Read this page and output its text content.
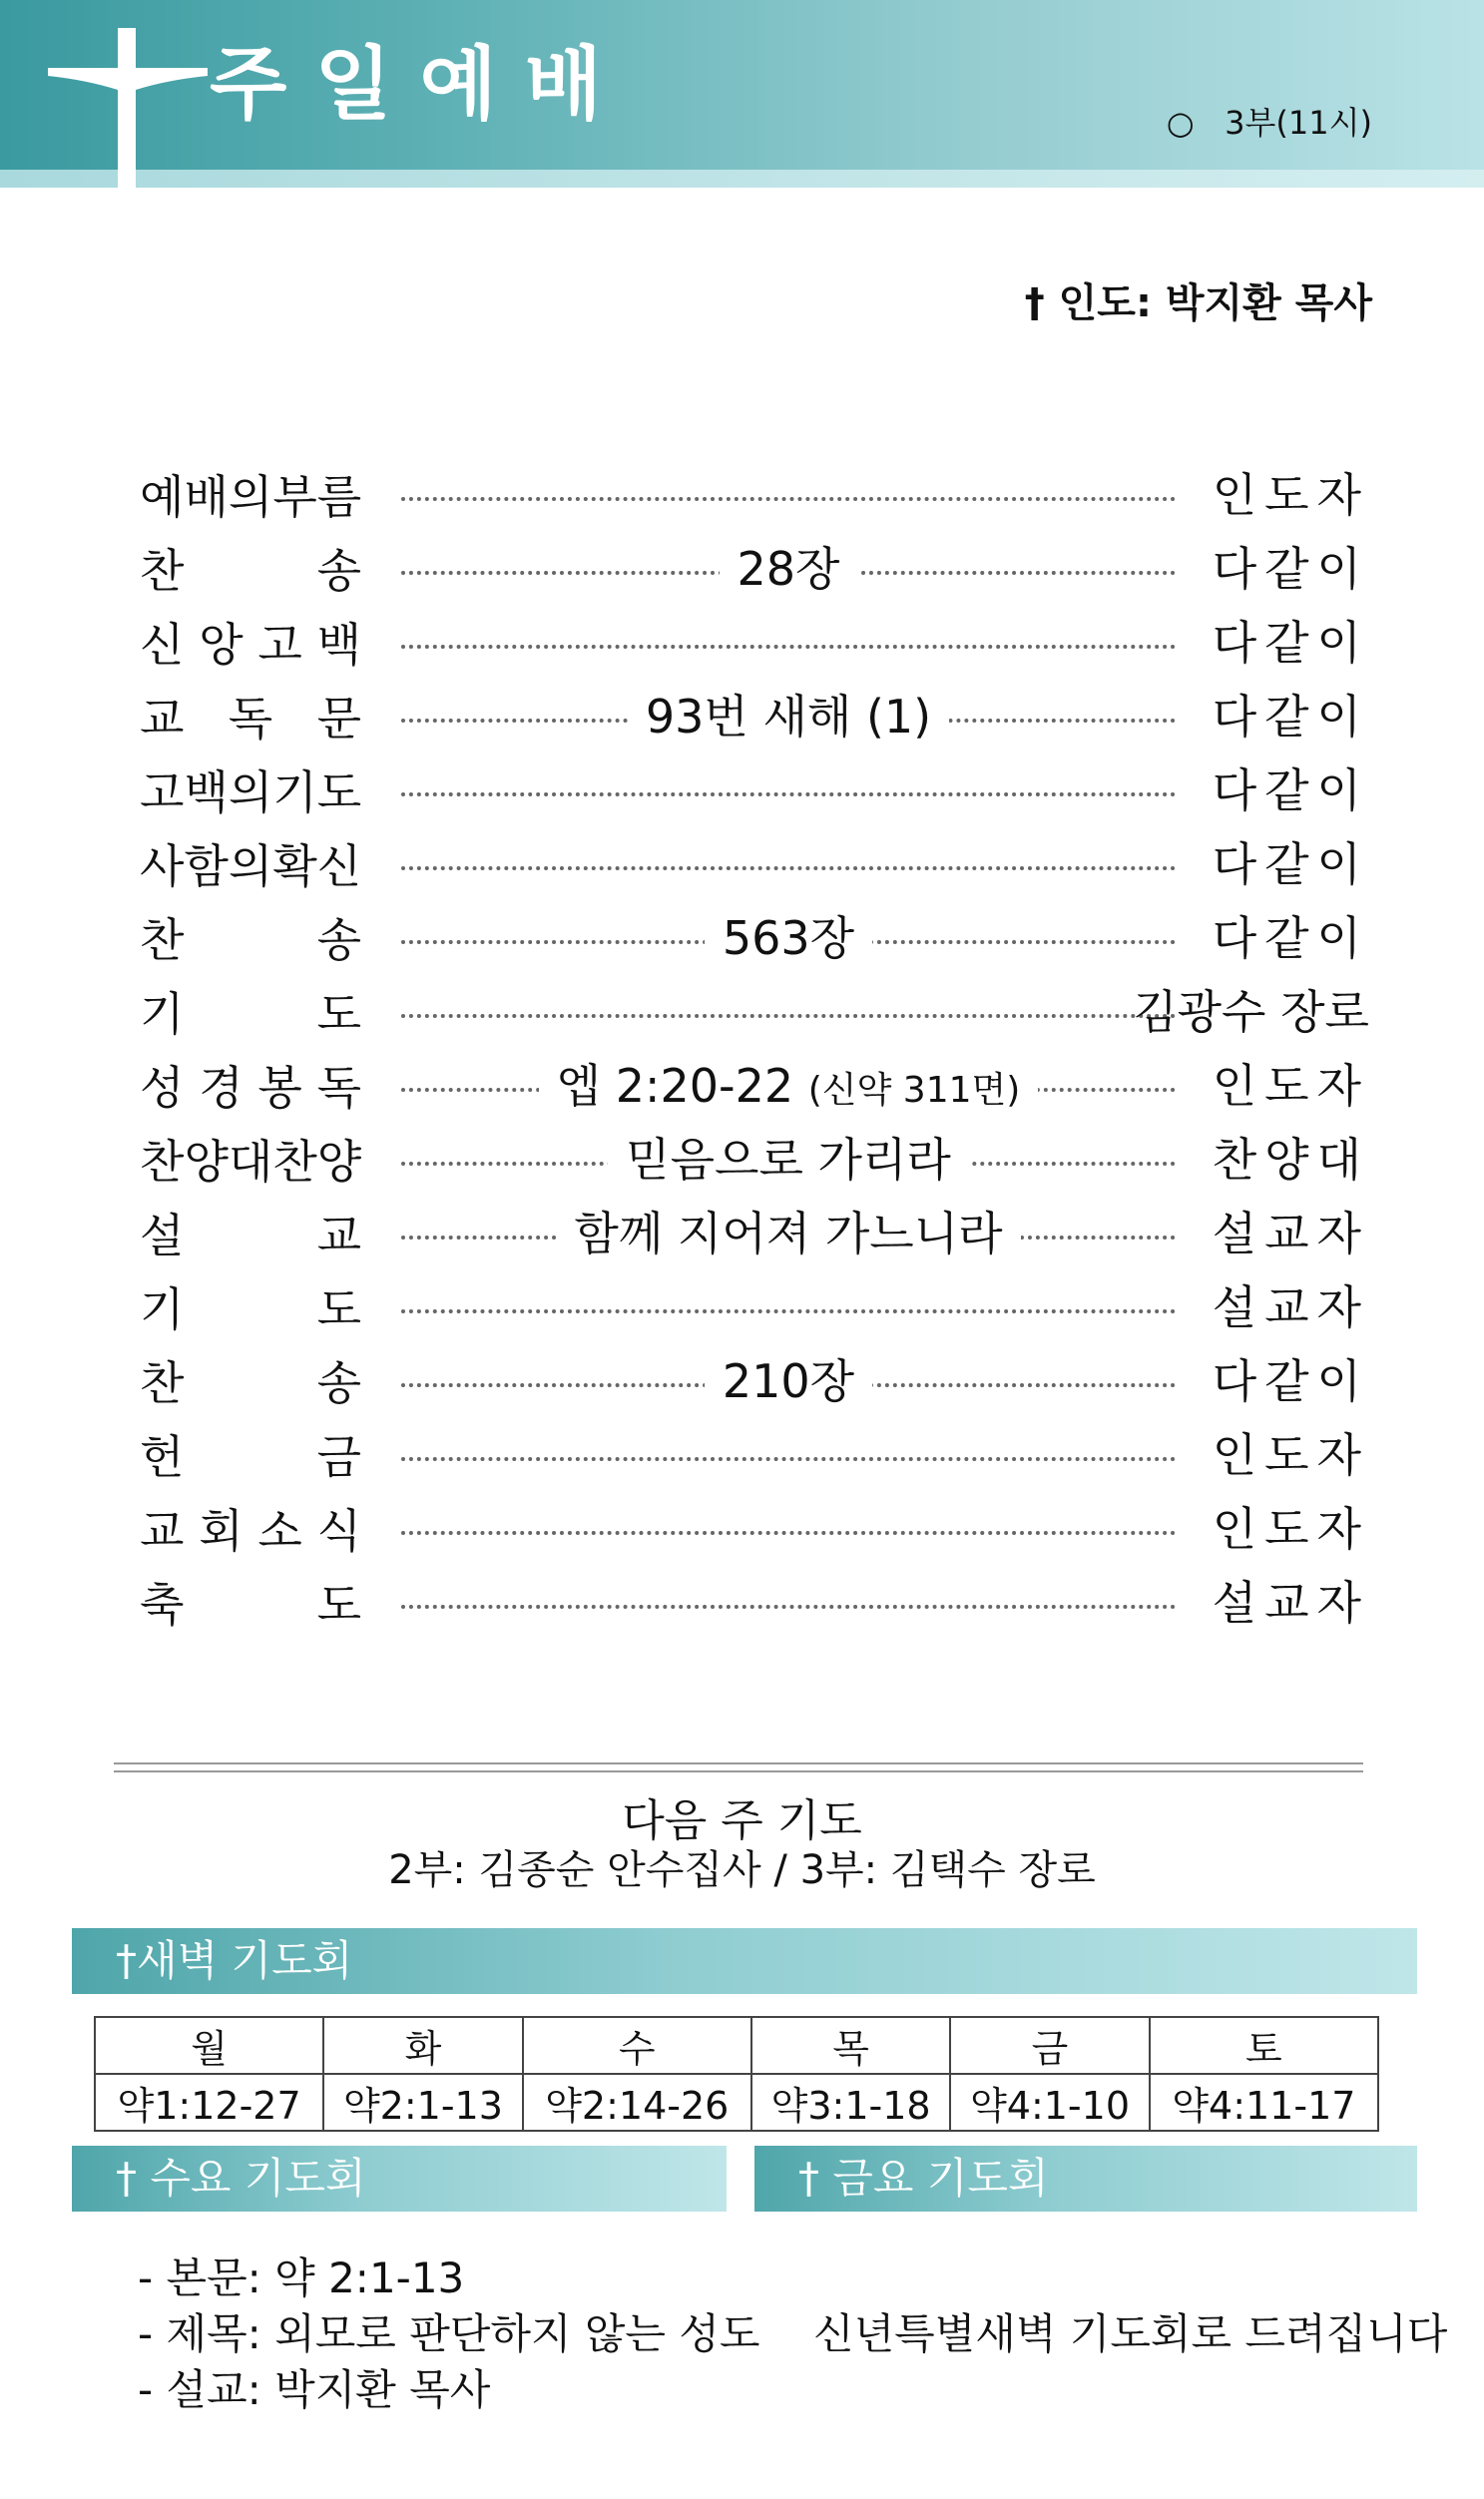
주일예배	○   3부(11시)
† 인도: 박지환 목사
예 배 의 부 름	인도자
찬	송	28장	다같이
신 앙 고 백	다같이
교 독 문	93번 새해 (1)	다같이
고 백 의 기 도	다같이
사 함 의 확 신	다같이
찬	송	563장	다같이
기	도	김광수 장로
성 경 봉 독	엡 2:20-22 (신약 311면)	인도자
찬 양 대 찬 양	믿음으로 가리라	찬양대
설	교	함께 지어져 가느니라	설교자
기	도	설교자
찬	송	210장	다같이
헌	금	인도자
교 회 소 식	인도자
축	도	설교자
다음 주 기도
2부: 김종순 안수집사 / 3부: 김택수 장로
†새벽 기도회
월	화	수	목	금	토
약1:12-27	약2:1-13	약2:14-26	약3:1-18	약4:1-10	약4:11-17
† 수요 기도회	† 금요 기도회
- 본문: 약 2:1-13
- 제목: 외모로 판단하지 않는 성도
- 설교: 박지환 목사
신년특별새벽 기도회로 드려집니다
